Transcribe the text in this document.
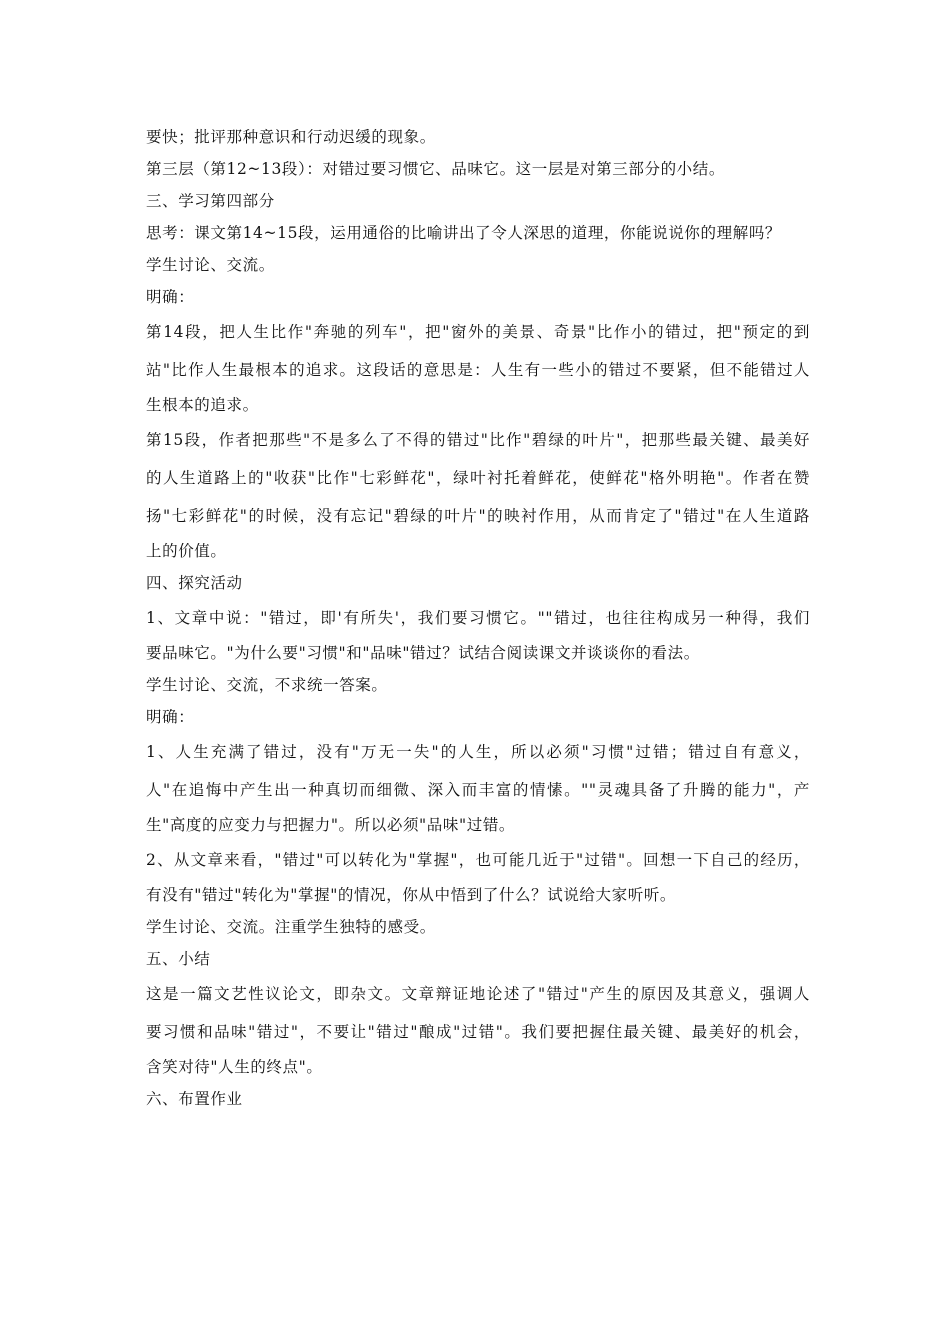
要快；批评那种意识和行动迟缓的现象。

第三层（第12~13段）：对错过要习惯它、品味它。这一层是对第三部分的小结。

三、学习第四部分

思考：课文第14~15段，运用通俗的比喻讲出了令人深思的道理，你能说说你的理解吗？

学生讨论、交流。

明确：

第14段，把人生比作"奔驰的列车"，把"窗外的美景、奇景"比作小的错过，把"预定的到

站"比作人生最根本的追求。这段话的意思是：人生有一些小的错过不要紧，但不能错过人

生根本的追求。

第15段，作者把那些"不是多么了不得的错过"比作"碧绿的叶片"，把那些最关键、最美好

的人生道路上的"收获"比作"七彩鲜花"，绿叶衬托着鲜花，使鲜花"格外明艳"。作者在赞

扬"七彩鲜花"的时候，没有忘记"碧绿的叶片"的映衬作用，从而肯定了"错过"在人生道路

上的价值。

四、探究活动

1、文章中说："错过，即'有所失'，我们要习惯它。""错过，也往往构成另一种得，我们

要品味它。"为什么要"习惯"和"品味"错过？试结合阅读课文并谈谈你的看法。

学生讨论、交流，不求统一答案。

明确：

1、人生充满了错过，没有"万无一失"的人生，所以必须"习惯"过错；错过自有意义，

人"在追悔中产生出一种真切而细微、深入而丰富的情愫。""灵魂具备了升腾的能力"，产

生"高度的应变力与把握力"。所以必须"品味"过错。

2、从文章来看，"错过"可以转化为"掌握"，也可能几近于"过错"。回想一下自己的经历，

有没有"错过"转化为"掌握"的情况，你从中悟到了什么？试说给大家听听。

学生讨论、交流。注重学生独特的感受。

五、小结

这是一篇文艺性议论文，即杂文。文章辩证地论述了"错过"产生的原因及其意义，强调人

要习惯和品味"错过"，不要让"错过"酿成"过错"。我们要把握住最关键、最美好的机会，

含笑对待"人生的终点"。

六、布置作业
